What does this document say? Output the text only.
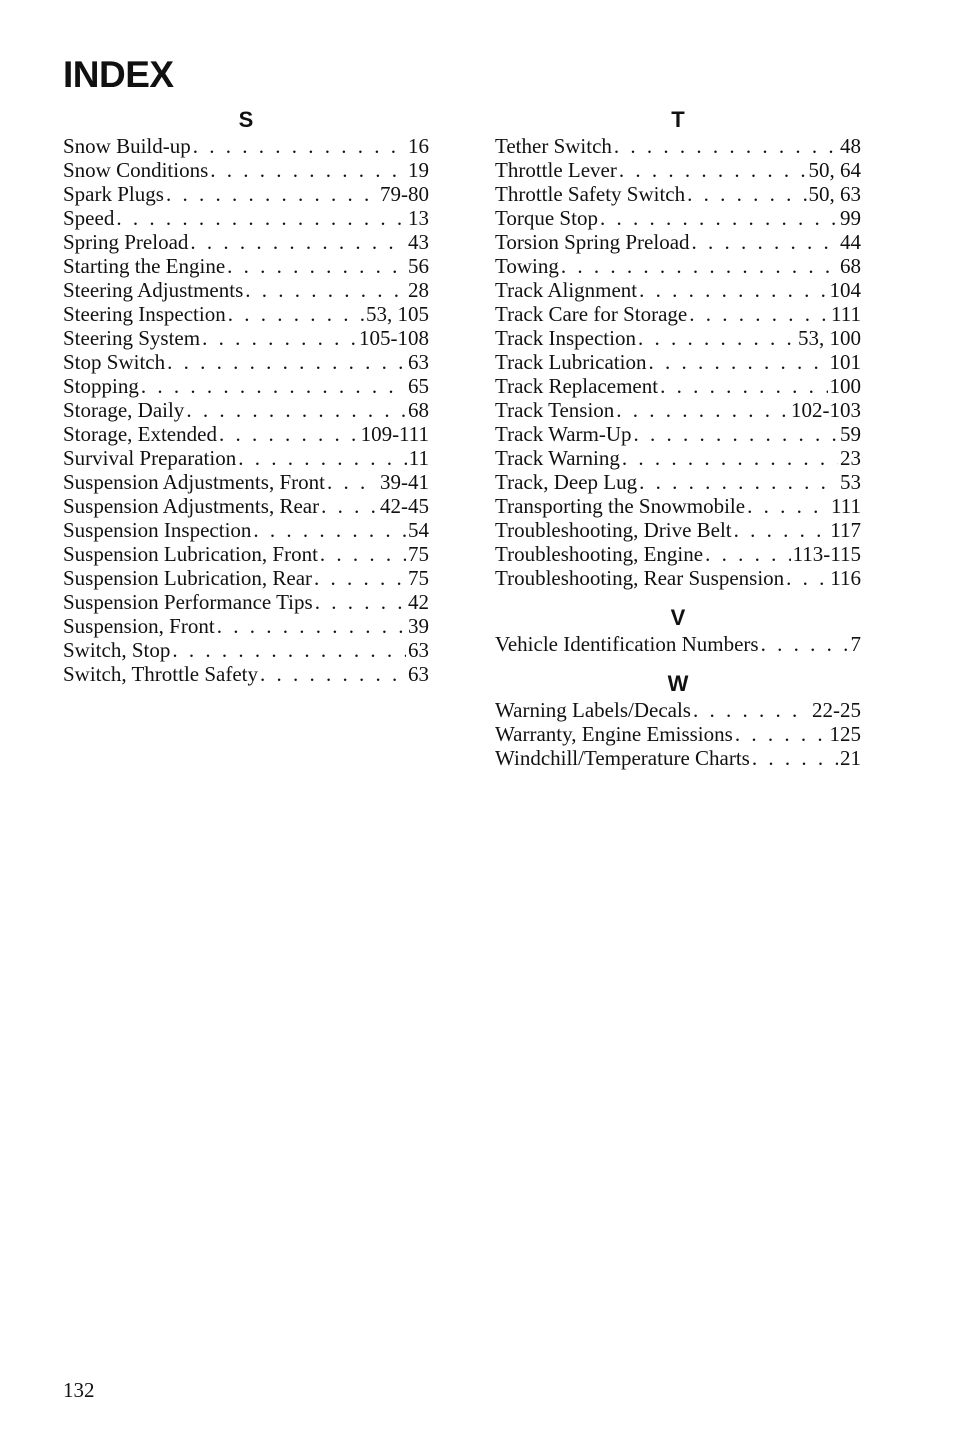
INDEX
S
Snow Build-up . . .	16
Snow Conditions . . .	19
Spark Plugs . . .	79-80
Speed . . .	13
Spring Preload . . .	43
Starting the Engine . . .	56
Steering Adjustments . . .	28
Steering Inspection . . .	53, 105
Steering System . . .	105-108
Stop Switch . . .	63
Stopping . . .	65
Storage, Daily . . .	68
Storage, Extended . . .	109-111
Survival Preparation . . .	11
Suspension Adjustments, Front . . .	39-41
Suspension Adjustments, Rear . . .	42-45
Suspension Inspection . . .	54
Suspension Lubrication, Front . . .	75
Suspension Lubrication, Rear . . .	75
Suspension Performance Tips . . .	42
Suspension, Front . . .	39
Switch, Stop . . .	63
Switch, Throttle Safety . . .	63
T
Tether Switch . . .	48
Throttle Lever . . .	50, 64
Throttle Safety Switch . . .	50, 63
Torque Stop . . .	99
Torsion Spring Preload . . .	44
Towing . . .	68
Track Alignment . . .	104
Track Care for Storage . . .	111
Track Inspection . . .	53, 100
Track Lubrication . . .	101
Track Replacement . . .	100
Track Tension . . .	102-103
Track Warm-Up . . .	59
Track Warning . . .	23
Track, Deep Lug . . .	53
Transporting the Snowmobile . . .	111
Troubleshooting, Drive Belt . . .	117
Troubleshooting, Engine . . .	113-115
Troubleshooting, Rear Suspension . . . 116
V
Vehicle Identification Numbers . . .	7
W
Warning Labels/Decals . . .	22-25
Warranty, Engine Emissions . . .	125
Windchill/Temperature Charts . . .	21
132
